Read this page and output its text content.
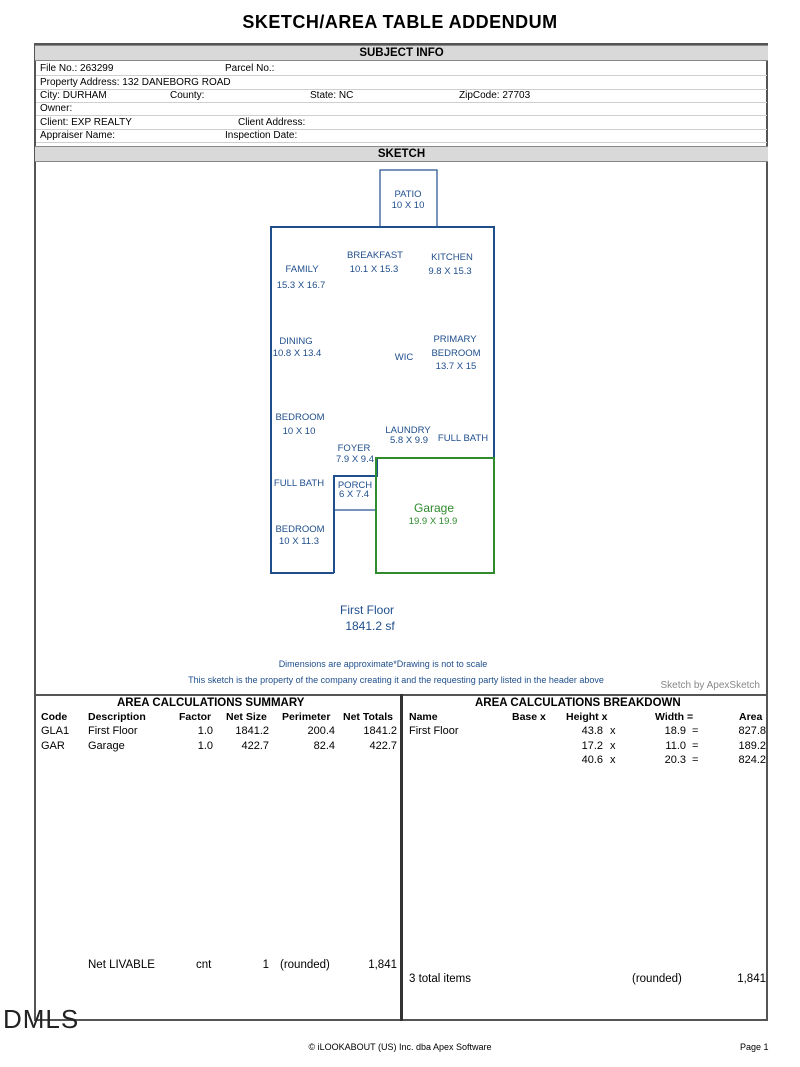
SKETCH/AREA TABLE ADDENDUM
SUBJECT INFO
File No.: 263299	Parcel No.:
Property Address: 132 DANEBORG ROAD
City: DURHAM	County:	State: NC	ZipCode: 27703
Owner:
Client: EXP REALTY	Client Address:
Appraiser Name:	Inspection Date:
SKETCH
PATIO
10 X 10
BREAKFAST
10.1 X 15.3
KITCHEN
9.8 X 15.3
FAMILY
15.3 X 16.7
DINING
10.8 X 13.4	WIC
PRIMARY
BEDROOM
13.7 X 15
BEDROOM
10 X 10	LAUNDRY
5.8 X 9.9 FULL BATH
FOYER
7.9 X 9.4
FULL BATH PORCH
6 X 7.4
BEDROOM
10 X 11.3
Garage
19.9 X 19.9
First Floor
1841.2 sf
Dimensions are approximate*Drawing is not to scale
This sketch is the property of the company creating it and the requesting party listed in the header above	Sketch by ApexSketch
AREA CALCULATIONS SUMMARY
Code Description	Factor Net Size Perimeter Net Totals
GLA1 First Floor	1.0	1841.2	200.4	1841.2
GAR Garage	1.0	422.7	82.4	422.7
Net LIVABLE	cnt	1 (rounded)	1,841
AREA CALCULATIONS BREAKDOWN
Name	Base x Height x	Width =	Area
First Floor	43.8 x	18.9 =	827.8
17.2 x	11.0 =	189.2
40.6 x	20.3 =	824.2
3 total items	(rounded)	1,841
DMLS
© iLOOKABOUT (US) Inc. dba Apex Software	Page 1
